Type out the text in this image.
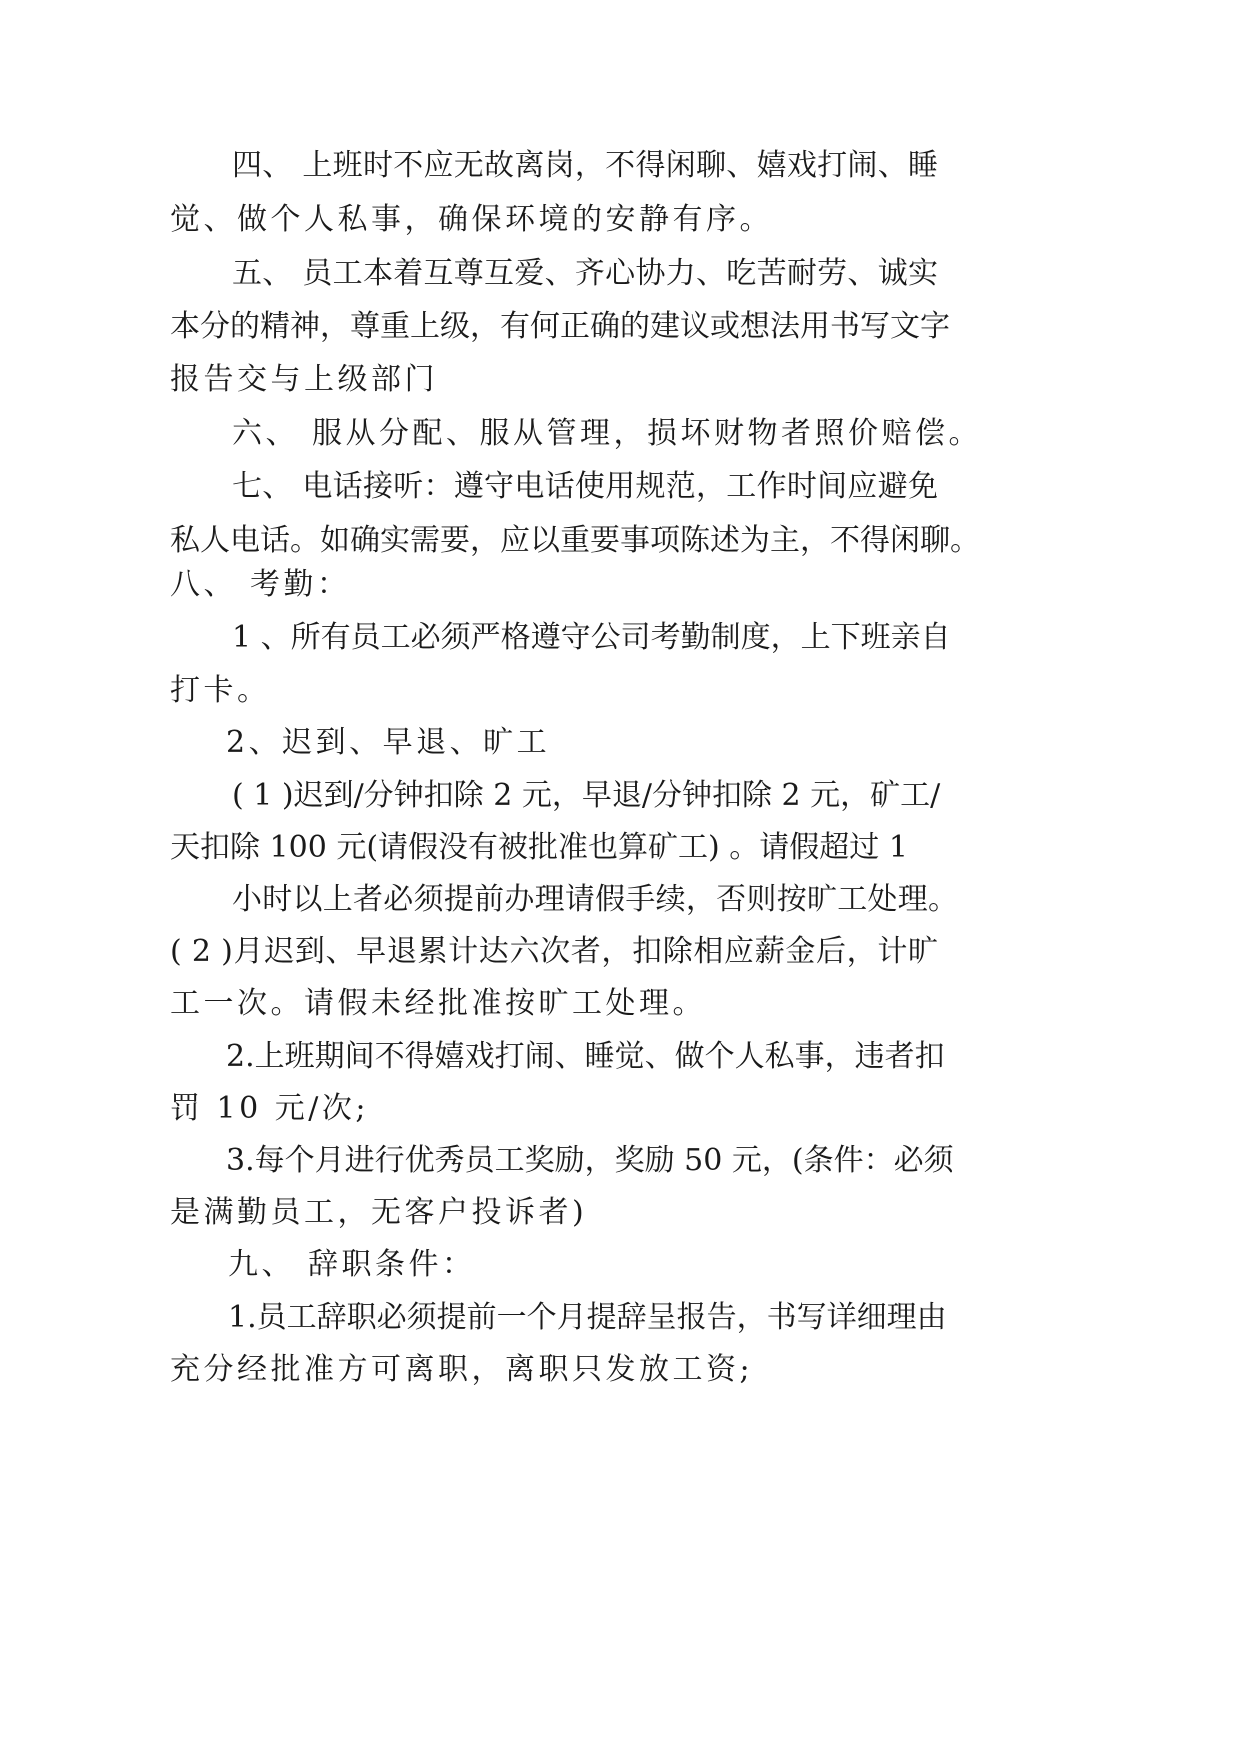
四、 上班时不应无故离岗，不得闲聊、嬉戏打闹、睡
觉、做个人私事，确保环境的安静有序。
五、 员工本着互尊互爱、齐心协力、吃苦耐劳、诚实
本分的精神，尊重上级，有何正确的建议或想法用书写文字
报告交与上级部门
六、 服从分配、服从管理，损坏财物者照价赔偿。
七、 电话接听：遵守电话使用规范，工作时间应避免
私人电话。如确实需要，应以重要事项陈述为主，不得闲聊。
八、 考勤：
1 、所有员工必须严格遵守公司考勤制度，上下班亲自
打卡。
2、迟到、早退、旷工
( 1 )迟到/分钟扣除 2 元，早退/分钟扣除 2 元，矿工/
天扣除 100 元(请假没有被批准也算矿工) 。请假超过 1
小时以上者必须提前办理请假手续，否则按旷工处理。
( 2 )月迟到、早退累计达六次者，扣除相应薪金后，计旷
工一次。请假未经批准按旷工处理。
2.上班期间不得嬉戏打闹、睡觉、做个人私事，违者扣
罚 10 元/次;
3.每个月进行优秀员工奖励，奖励 50 元，(条件：必须
是满勤员工，无客户投诉者)
九、 辞职条件：
1.员工辞职必须提前一个月提辞呈报告，书写详细理由
充分经批准方可离职，离职只发放工资;
